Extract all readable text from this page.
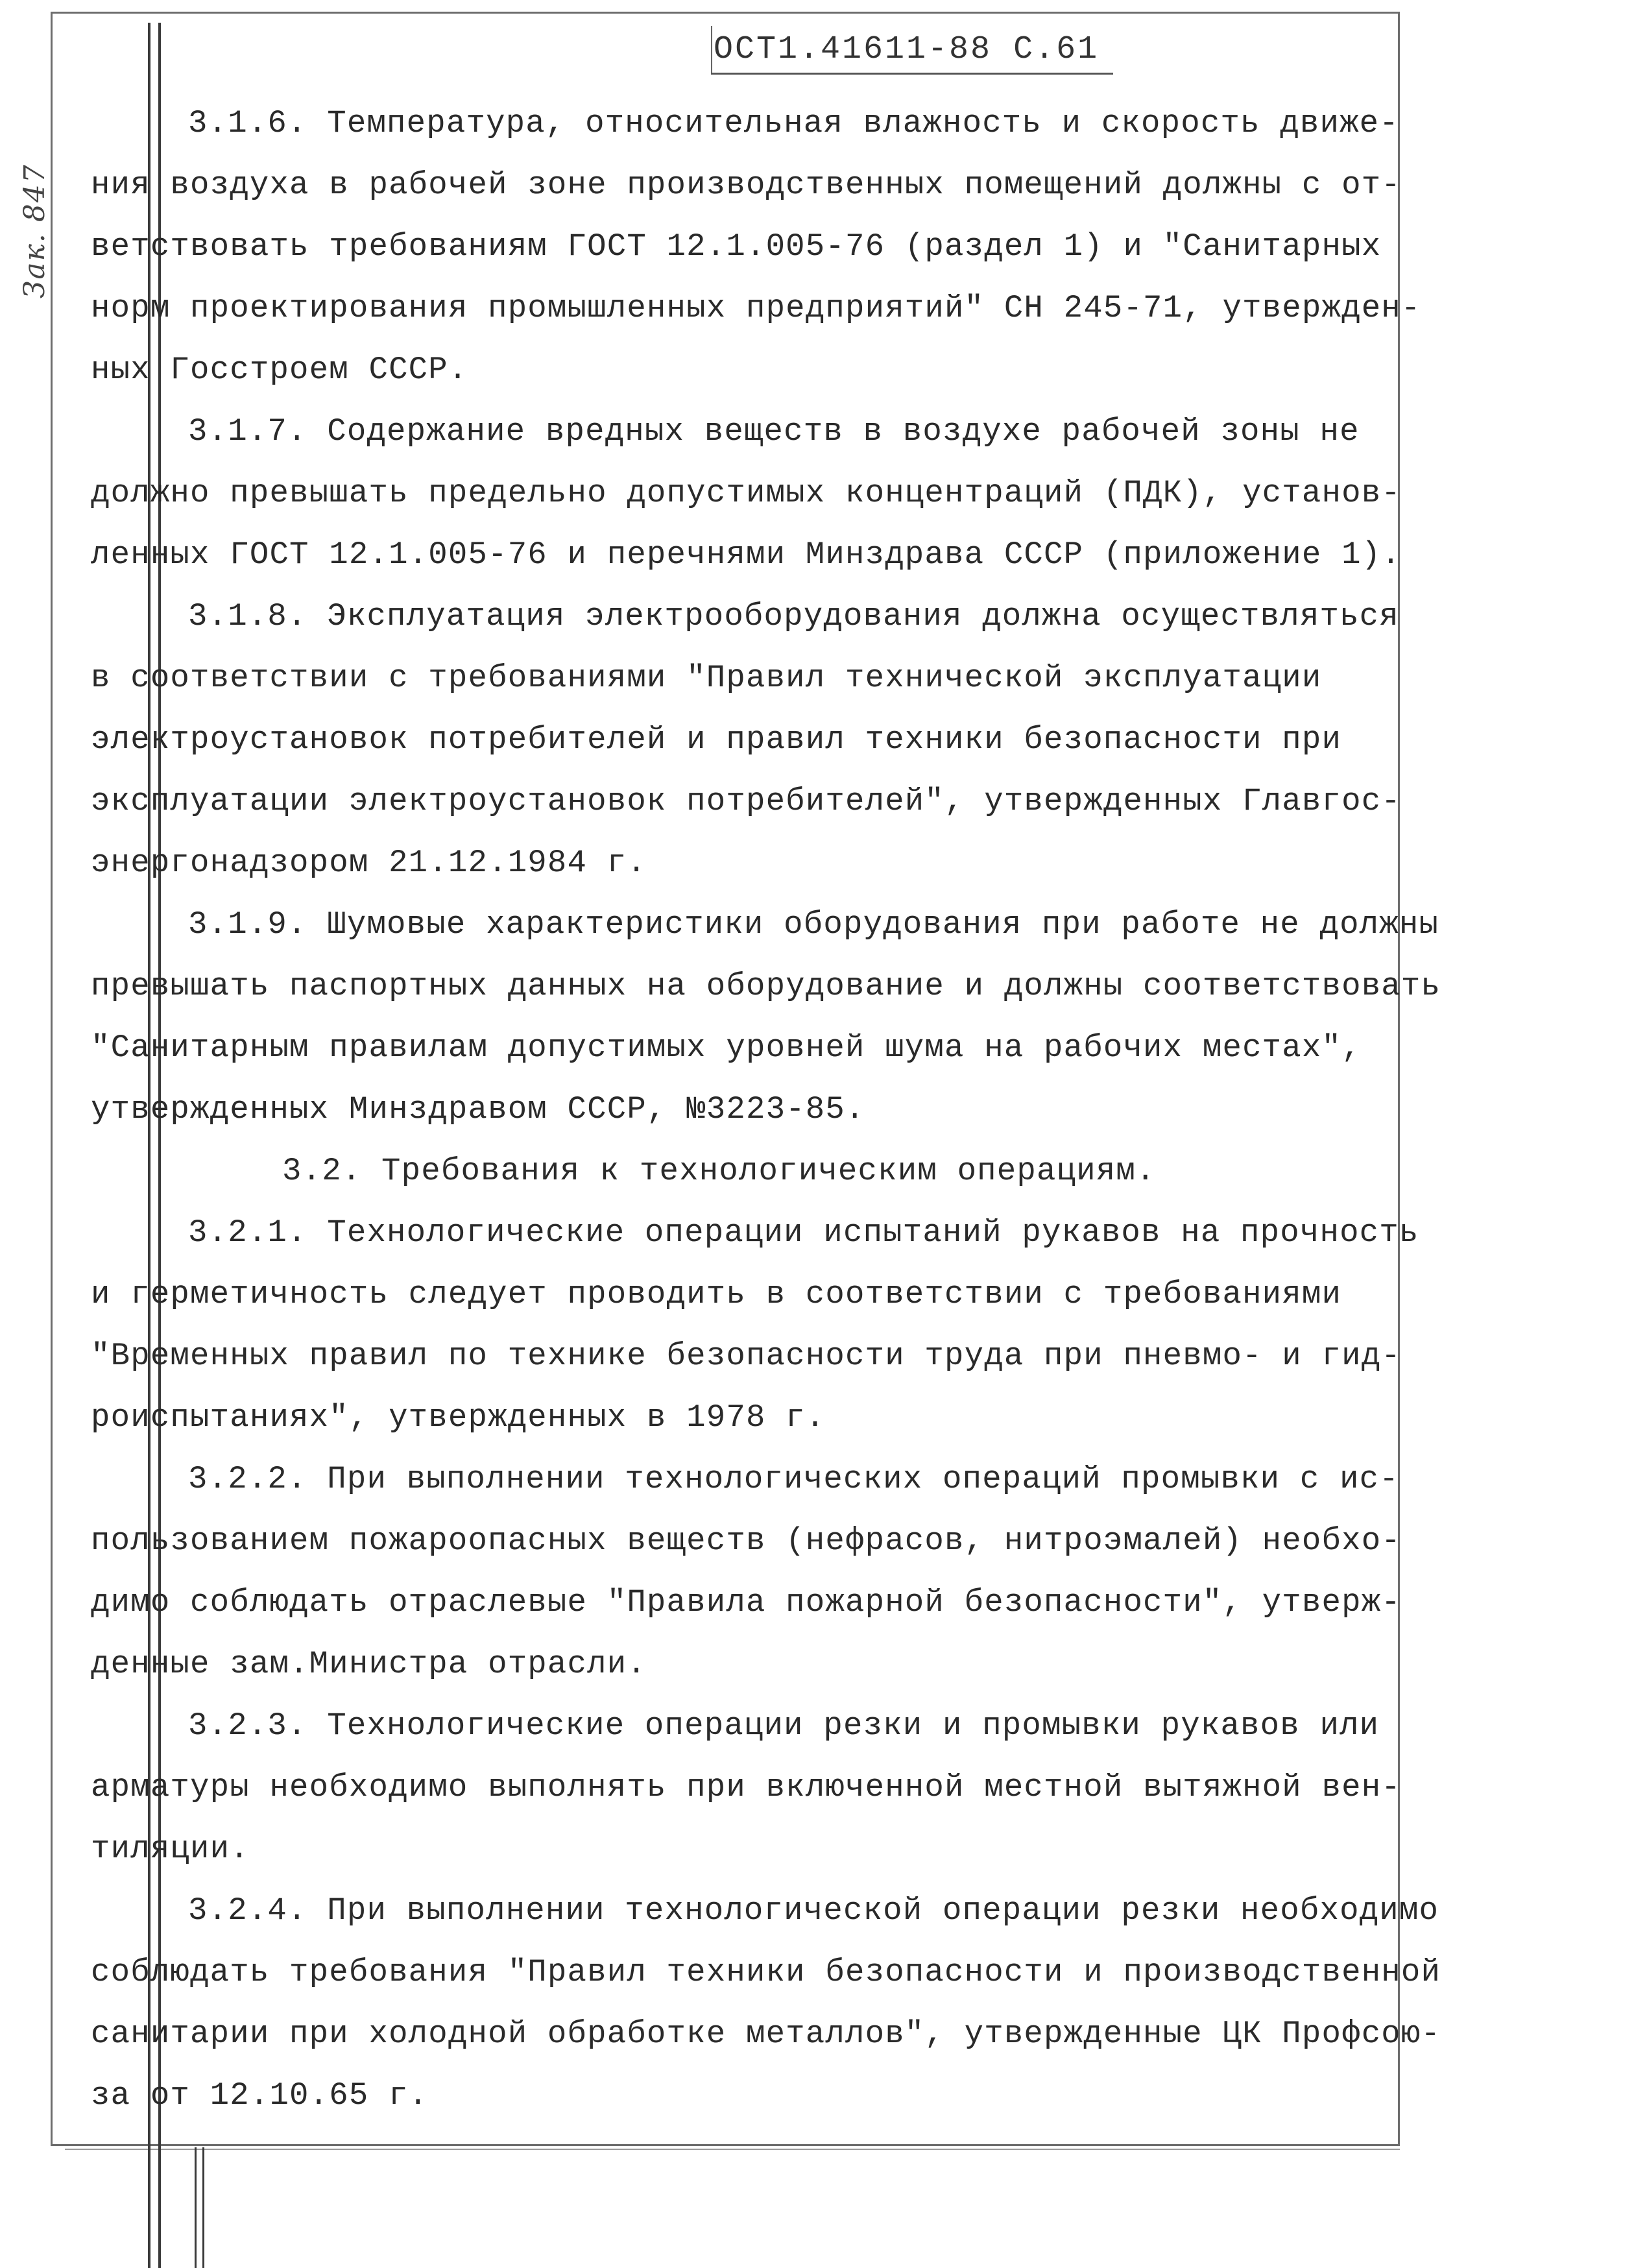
Зак. 847
ОСТ1.41611-88 С.61
3.1.6. Температура, относительная влажность и скорость движе-
ния воздуха в рабочей зоне производственных помещений должны с от-
ветствовать требованиям ГОСТ 12.1.005-76 (раздел 1) и "Санитарных
норм проектирования промышленных предприятий" СН 245-71, утвержден-
ных Госстроем СССР.
3.1.7. Содержание вредных веществ в воздухе рабочей зоны не
должно превышать предельно допустимых концентраций (ПДК), установ-
ленных ГОСТ 12.1.005-76 и перечнями Минздрава СССР (приложение 1).
3.1.8. Эксплуатация электрооборудования должна осуществляться
в соответствии с требованиями "Правил технической эксплуатации
электроустановок потребителей и правил техники безопасности при
эксплуатации электроустановок потребителей", утвержденных Главгос-
энергонадзором 21.12.1984 г.
3.1.9. Шумовые характеристики оборудования при работе не должны
превышать паспортных данных на оборудование и должны соответствовать
"Санитарным правилам допустимых уровней шума на рабочих местах",
утвержденных Минздравом СССР, №3223-85.
3.2. Требования к технологическим операциям.
3.2.1. Технологические операции испытаний рукавов на прочность
и герметичность следует проводить в соответствии с требованиями
"Временных правил по технике безопасности труда при пневмо- и гид-
роиспытаниях", утвержденных в 1978 г.
3.2.2. При выполнении технологических операций промывки с ис-
пользованием пожароопасных веществ (нефрасов, нитроэмалей) необхо-
димо соблюдать отраслевые "Правила пожарной безопасности", утверж-
денные зам.Министра отрасли.
3.2.3. Технологические операции резки и промывки рукавов или
арматуры необходимо выполнять при включенной местной вытяжной вен-
тиляции.
3.2.4. При выполнении технологической операции резки необходимо
соблюдать требования "Правил техники безопасности и производственной
санитарии при холодной обработке металлов", утвержденные ЦК Профсою-
за от 12.10.65 г.
